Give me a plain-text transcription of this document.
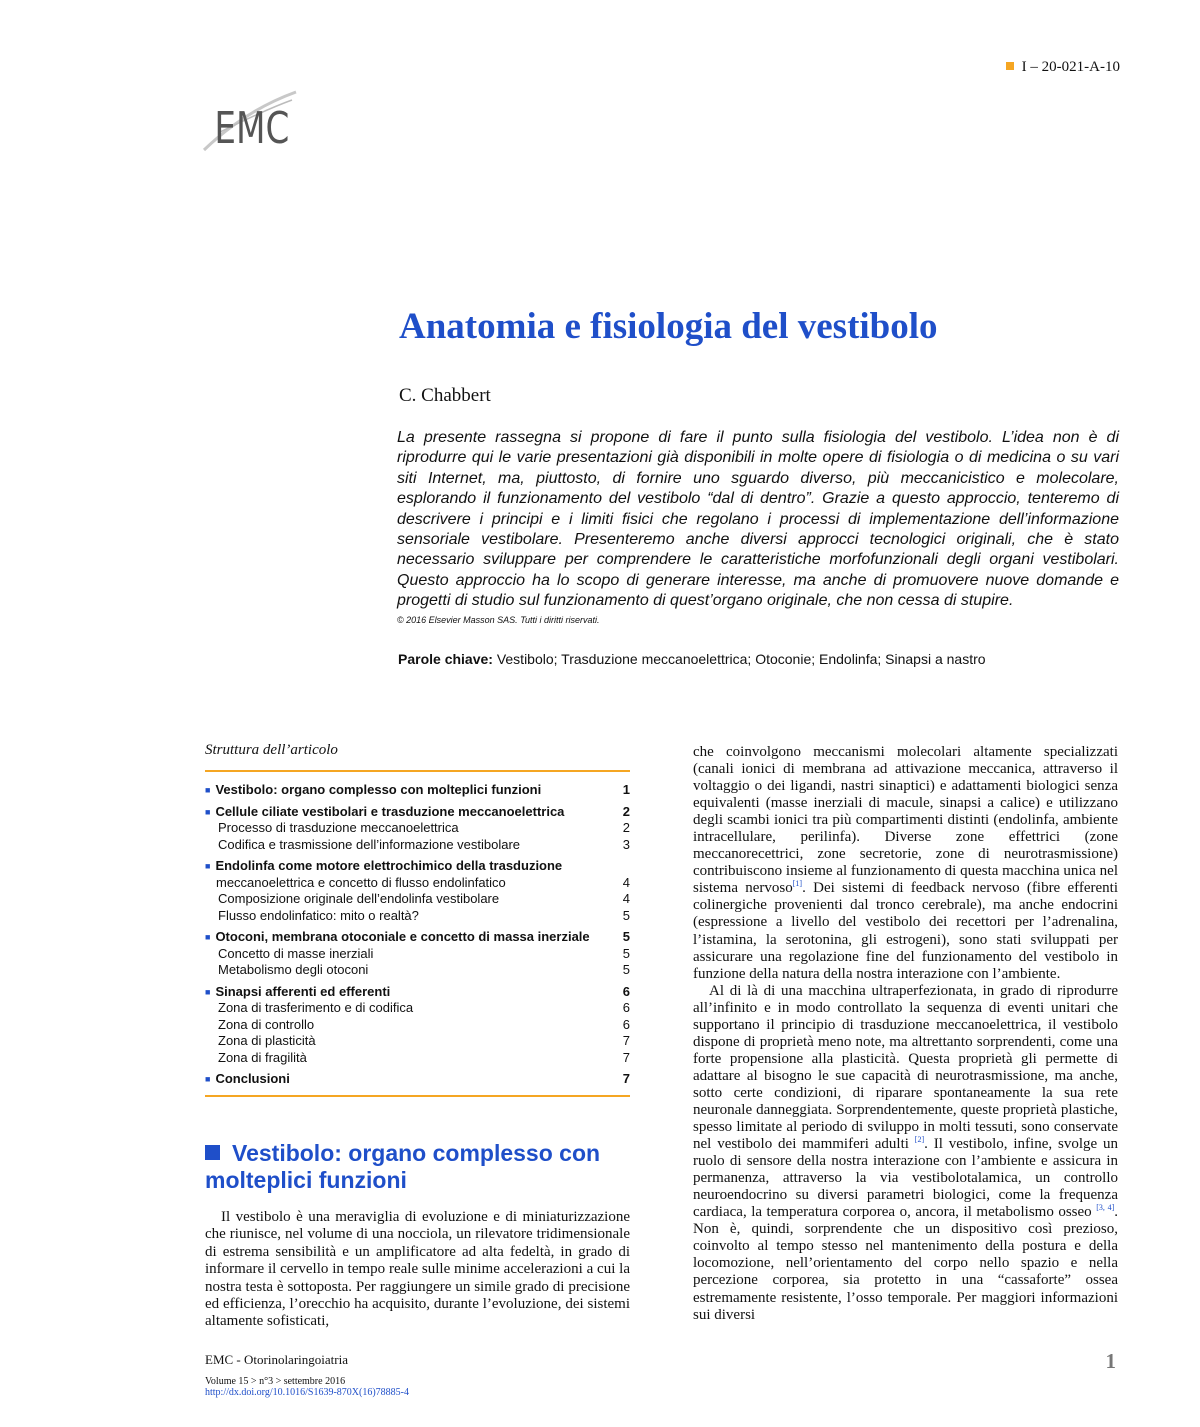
I – 20-021-A-10
EMC
Anatomia e fisiologia del vestibolo
C. Chabbert
La presente rassegna si propone di fare il punto sulla fisiologia del vestibolo. L’idea non è di riprodurre qui le varie presentazioni già disponibili in molte opere di fisiologia o di medicina o su vari siti Internet, ma, piuttosto, di fornire uno sguardo diverso, più meccanicistico e molecolare, esplorando il funzionamento del vestibolo “dal di dentro”. Grazie a questo approccio, tenteremo di descrivere i principi e i limiti fisici che regolano i processi di implementazione dell’informazione sensoriale vestibolare. Presenteremo anche diversi approcci tecnologici originali, che è stato necessario sviluppare per comprendere le caratteristiche morfofunzionali degli organi vestibolari. Questo approccio ha lo scopo di generare interesse, ma anche di promuovere nuove domande e progetti di studio sul funzionamento di quest’organo originale, che non cessa di stupire.
© 2016 Elsevier Masson SAS. Tutti i diritti riservati.
Parole chiave: Vestibolo; Trasduzione meccanoelettrica; Otoconie; Endolinfa; Sinapsi a nastro
Struttura dell’articolo
■ Vestibolo: organo complesso con molteplici funzioni	1
■ Cellule ciliate vestibolari e trasduzione meccanoelettrica	2
Processo di trasduzione meccanoelettrica	2
Codifica e trasmissione dell’informazione vestibolare	3
■ Endolinfa come motore elettrochimico della trasduzione
meccanoelettrica e concetto di flusso endolinfatico	4
Composizione originale dell’endolinfa vestibolare	4
Flusso endolinfatico: mito o realtà?	5
■ Otoconi, membrana otoconiale e concetto di massa inerziale	5
Concetto di masse inerziali	5
Metabolismo degli otoconi	5
■ Sinapsi afferenti ed efferenti	6
Zona di trasferimento e di codifica	6
Zona di controllo	6
Zona di plasticità	7
Zona di fragilità	7
■ Conclusioni	7
Vestibolo: organo complesso con molteplici funzioni

Il vestibolo è una meraviglia di evoluzione e di miniaturizzazione che riunisce, nel volume di una nocciola, un rilevatore tridimensionale di estrema sensibilità e un amplificatore ad alta fedeltà, in grado di informare il cervello in tempo reale sulle minime accelerazioni a cui la nostra testa è sottoposta. Per raggiungere un simile grado di precisione ed efficienza, l’orecchio ha acquisito, durante l’evoluzione, dei sistemi altamente sofisticati,

che coinvolgono meccanismi molecolari altamente specializzati (canali ionici di membrana ad attivazione meccanica, attraverso il voltaggio o dei ligandi, nastri sinaptici) e adattamenti biologici senza equivalenti (masse inerziali di macule, sinapsi a calice) e utilizzano degli scambi ionici tra più compartimenti distinti (endolinfa, ambiente intracellulare, perilinfa). Diverse zone effettrici (zone meccanorecettrici, zone secretorie, zone di neurotrasmissione) contribuiscono insieme al funzionamento di questa macchina unica nel sistema nervoso[1]. Dei sistemi di feedback nervoso (fibre efferenti colinergiche provenienti dal tronco cerebrale), ma anche endocrini (espressione a livello del vestibolo dei recettori per l’adrenalina, l’istamina, la serotonina, gli estrogeni), sono stati sviluppati per assicurare una regolazione fine del funzionamento del vestibolo in funzione della natura della nostra interazione con l’ambiente.

Al di là di una macchina ultraperfezionata, in grado di riprodurre all’infinito e in modo controllato la sequenza di eventi unitari che supportano il principio di trasduzione meccanoelettrica, il vestibolo dispone di proprietà meno note, ma altrettanto sorprendenti, come una forte propensione alla plasticità. Questa proprietà gli permette di adattare al bisogno le sue capacità di neurotrasmissione, ma anche, sotto certe condizioni, di riparare spontaneamente la sua rete neuronale danneggiata. Sorprendentemente, queste proprietà plastiche, spesso limitate al periodo di sviluppo in molti tessuti, sono conservate nel vestibolo dei mammiferi adulti [2]. Il vestibolo, infine, svolge un ruolo di sensore della nostra interazione con l’ambiente e assicura in permanenza, attraverso la via vestibolotalamica, un controllo neuroendocrino su diversi parametri biologici, come la frequenza cardiaca, la temperatura corporea o, ancora, il metabolismo osseo [3, 4]. Non è, quindi, sorprendente che un dispositivo così prezioso, coinvolto al tempo stesso nel mantenimento della postura e della locomozione, nell’orientamento del corpo nello spazio e nella percezione corporea, sia protetto in una “cassaforte” ossea estremamente resistente, l’osso temporale. Per maggiori informazioni sui diversi

EMC - Otorinolaringoiatria	1
Volume 15 > n°3 > settembre 2016
http://dx.doi.org/10.1016/S1639-870X(16)78885-4
